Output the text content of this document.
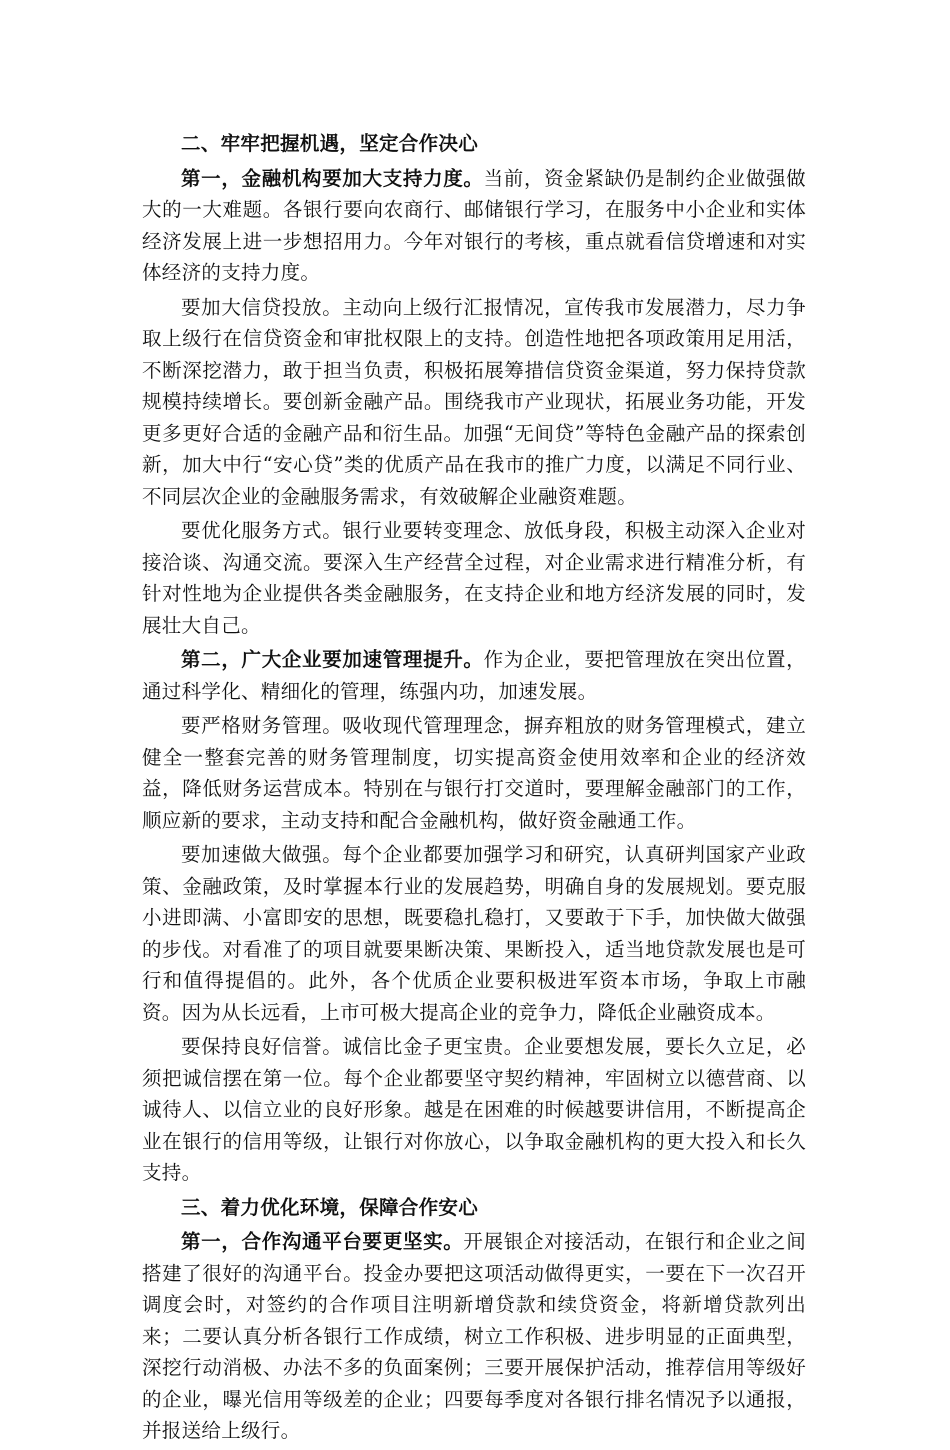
二、牢牢把握机遇，坚定合作决心

第一，金融机构要加大支持力度。当前，资金紧缺仍是制约企业做强做大的一大难题。各银行要向农商行、邮储银行学习，在服务中小企业和实体经济发展上进一步想招用力。今年对银行的考核，重点就看信贷增速和对实体经济的支持力度。

要加大信贷投放。主动向上级行汇报情况，宣传我市发展潜力，尽力争取上级行在信贷资金和审批权限上的支持。创造性地把各项政策用足用活，不断深挖潜力，敢于担当负责，积极拓展筹措信贷资金渠道，努力保持贷款规模持续增长。要创新金融产品。围绕我市产业现状，拓展业务功能，开发更多更好合适的金融产品和衍生品。加强“无间贷”等特色金融产品的探索创新，加大中行“安心贷”类的优质产品在我市的推广力度，以满足不同行业、不同层次企业的金融服务需求，有效破解企业融资难题。

要优化服务方式。银行业要转变理念、放低身段，积极主动深入企业对接洽谈、沟通交流。要深入生产经营全过程，对企业需求进行精准分析，有针对性地为企业提供各类金融服务，在支持企业和地方经济发展的同时，发展壮大自己。

第二，广大企业要加速管理提升。作为企业，要把管理放在突出位置，通过科学化、精细化的管理，练强内功，加速发展。

要严格财务管理。吸收现代管理理念，摒弃粗放的财务管理模式，建立健全一整套完善的财务管理制度，切实提高资金使用效率和企业的经济效益，降低财务运营成本。特别在与银行打交道时，要理解金融部门的工作，顺应新的要求，主动支持和配合金融机构，做好资金融通工作。

要加速做大做强。每个企业都要加强学习和研究，认真研判国家产业政策、金融政策，及时掌握本行业的发展趋势，明确自身的发展规划。要克服小进即满、小富即安的思想，既要稳扎稳打，又要敢于下手，加快做大做强的步伐。对看准了的项目就要果断决策、果断投入，适当地贷款发展也是可行和值得提倡的。此外，各个优质企业要积极进军资本市场，争取上市融资。因为从长远看，上市可极大提高企业的竞争力，降低企业融资成本。

要保持良好信誉。诚信比金子更宝贵。企业要想发展，要长久立足，必须把诚信摆在第一位。每个企业都要坚守契约精神，牢固树立以德营商、以诚待人、以信立业的良好形象。越是在困难的时候越要讲信用，不断提高企业在银行的信用等级，让银行对你放心，以争取金融机构的更大投入和长久支持。

三、着力优化环境，保障合作安心

第一，合作沟通平台要更坚实。开展银企对接活动，在银行和企业之间搭建了很好的沟通平台。投金办要把这项活动做得更实，一要在下一次召开调度会时，对签约的合作项目注明新增贷款和续贷资金，将新增贷款列出来；二要认真分析各银行工作成绩，树立工作积极、进步明显的正面典型，深挖行动消极、办法不多的负面案例；三要开展保护活动，推荐信用等级好的企业，曝光信用等级差的企业；四要每季度对各银行排名情况予以通报，并报送给上级行。
